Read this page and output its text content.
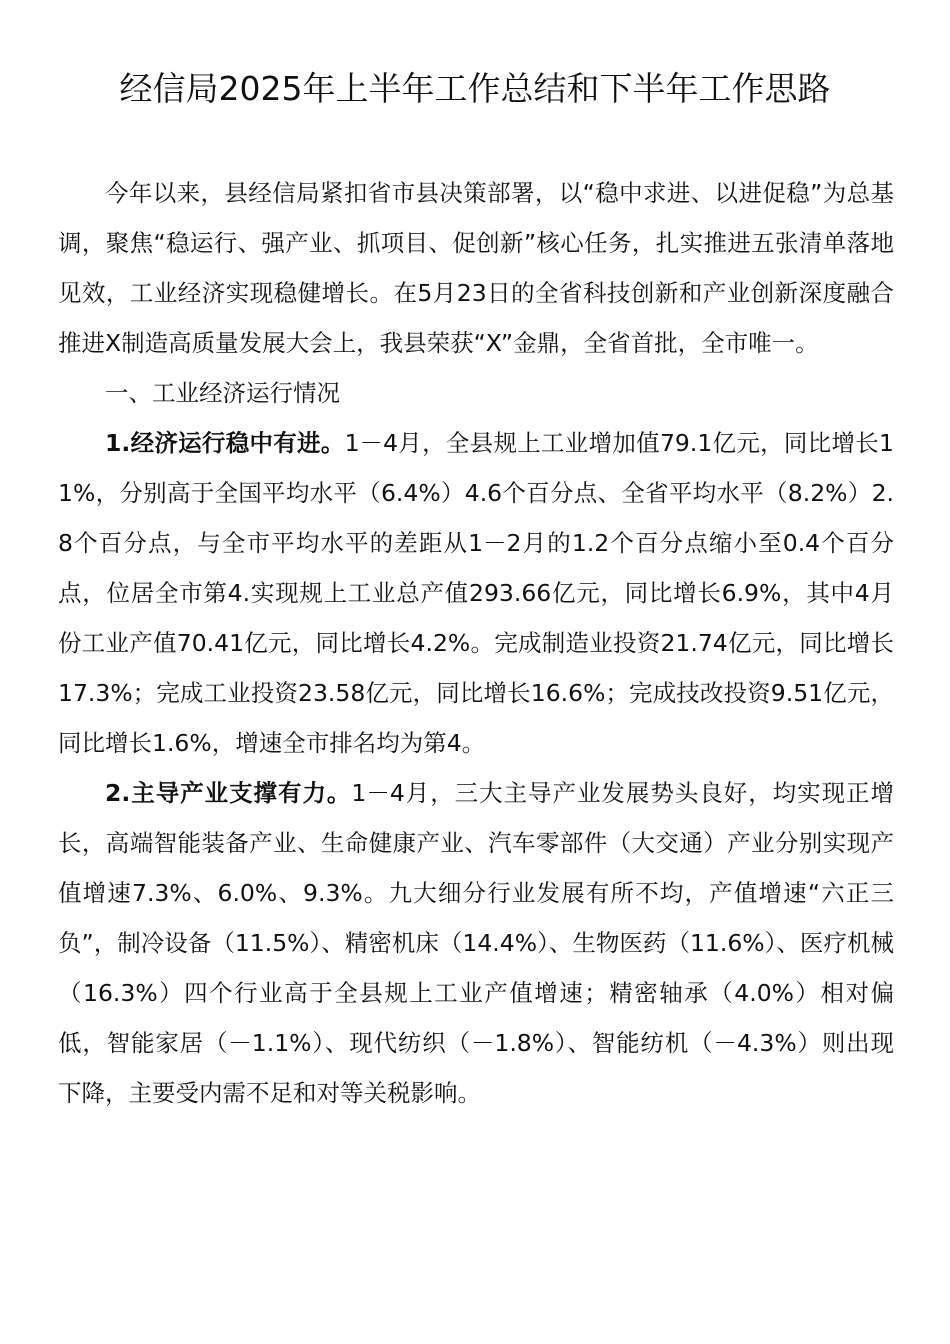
经信局2025年上半年工作总结和下半年工作思路

今年以来，县经信局紧扣省市县决策部署，以“稳中求进、以进促稳”为总基调，聚焦“稳运行、强产业、抓项目、促创新”核心任务，扎实推进五张清单落地见效，工业经济实现稳健增长。在5月23日的全省科技创新和产业创新深度融合推进X制造高质量发展大会上，我县荣获“X”金鼎，全省首批，全市唯一。

一、工业经济运行情况

1.经济运行稳中有进。1－4月，全县规上工业增加值79.1亿元，同比增长11%，分别高于全国平均水平（6.4%）4.6个百分点、全省平均水平（8.2%）2.8个百分点，与全市平均水平的差距从1－2月的1.2个百分点缩小至0.4个百分点，位居全市第4.实现规上工业总产值293.66亿元，同比增长6.9%，其中4月份工业产值70.41亿元，同比增长4.2%。完成制造业投资21.74亿元，同比增长17.3%；完成工业投资23.58亿元，同比增长16.6%；完成技改投资9.51亿元，同比增长1.6%，增速全市排名均为第4。

2.主导产业支撑有力。1－4月，三大主导产业发展势头良好，均实现正增长，高端智能装备产业、生命健康产业、汽车零部件（大交通）产业分别实现产值增速7.3%、6.0%、9.3%。九大细分行业发展有所不均，产值增速“六正三负”，制冷设备（11.5%）、精密机床（14.4%）、生物医药（11.6%）、医疗机械（16.3%）四个行业高于全县规上工业产值增速；精密轴承（4.0%）相对偏低，智能家居（－1.1%）、现代纺织（－1.8%）、智能纺机（－4.3%）则出现下降，主要受内需不足和对等关税影响。
